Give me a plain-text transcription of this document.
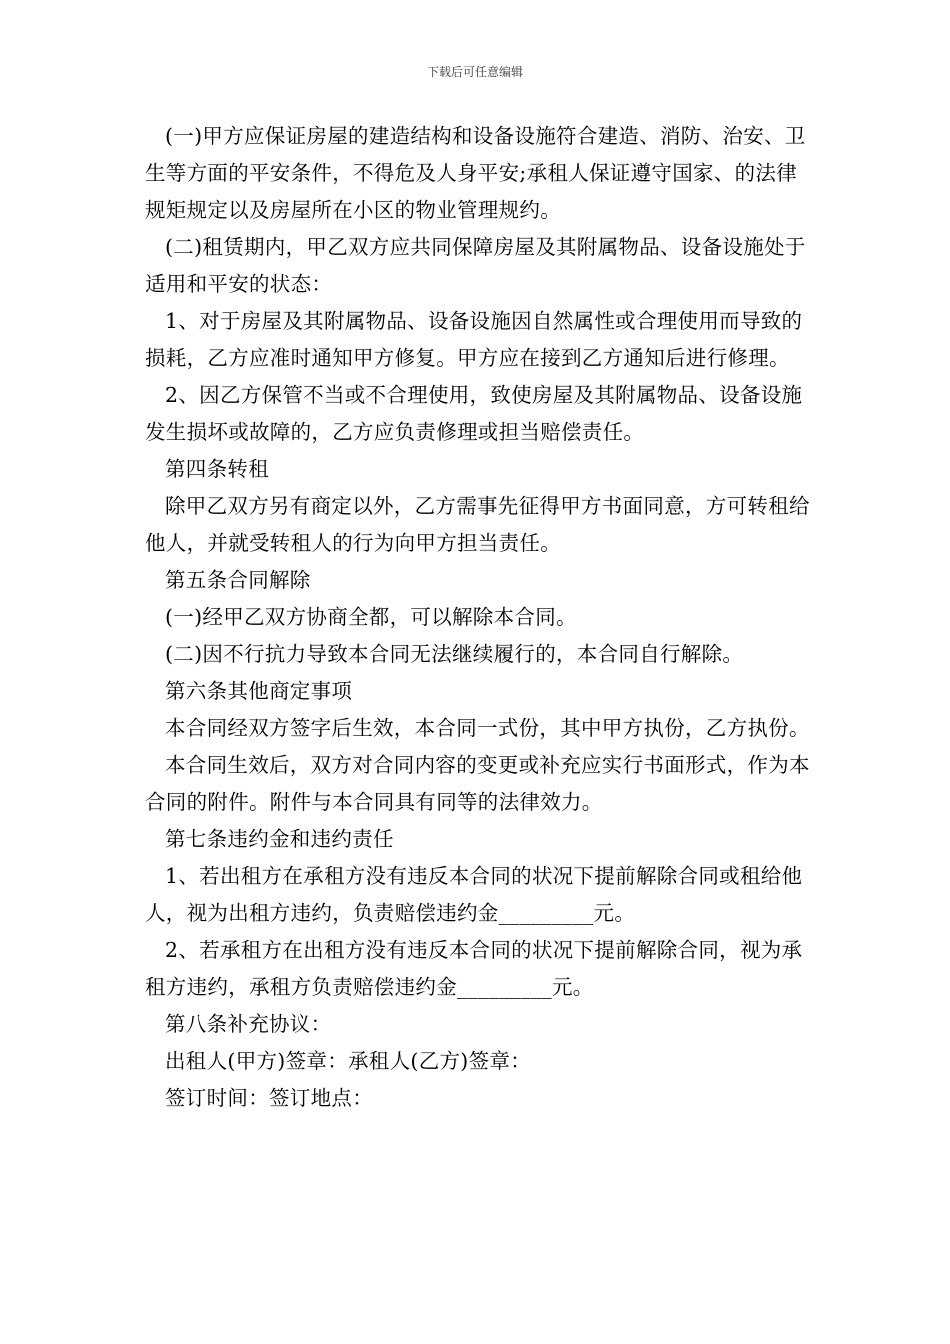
下载后可任意编辑

(一)甲方应保证房屋的建造结构和设备设施符合建造、消防、治安、卫生等方面的平安条件，不得危及人身平安;承租人保证遵守国家、的法律规矩规定以及房屋所在小区的物业管理规约。

(二)租赁期内，甲乙双方应共同保障房屋及其附属物品、设备设施处于适用和平安的状态：

1、对于房屋及其附属物品、设备设施因自然属性或合理使用而导致的损耗，乙方应准时通知甲方修复。甲方应在接到乙方通知后进行修理。

2、因乙方保管不当或不合理使用，致使房屋及其附属物品、设备设施发生损坏或故障的，乙方应负责修理或担当赔偿责任。

第四条转租

除甲乙双方另有商定以外，乙方需事先征得甲方书面同意，方可转租给他人，并就受转租人的行为向甲方担当责任。

第五条合同解除

(一)经甲乙双方协商全都，可以解除本合同。

(二)因不行抗力导致本合同无法继续履行的，本合同自行解除。

第六条其他商定事项

本合同经双方签字后生效，本合同一式份，其中甲方执份，乙方执份。

本合同生效后，双方对合同内容的变更或补充应实行书面形式，作为本合同的附件。附件与本合同具有同等的法律效力。

第七条违约金和违约责任

1、若出租方在承租方没有违反本合同的状况下提前解除合同或租给他人，视为出租方违约，负责赔偿违约金_________元。

2、若承租方在出租方没有违反本合同的状况下提前解除合同，视为承租方违约，承租方负责赔偿违约金_________元。

第八条补充协议：

出租人(甲方)签章：承租人(乙方)签章：

签订时间：签订地点：
